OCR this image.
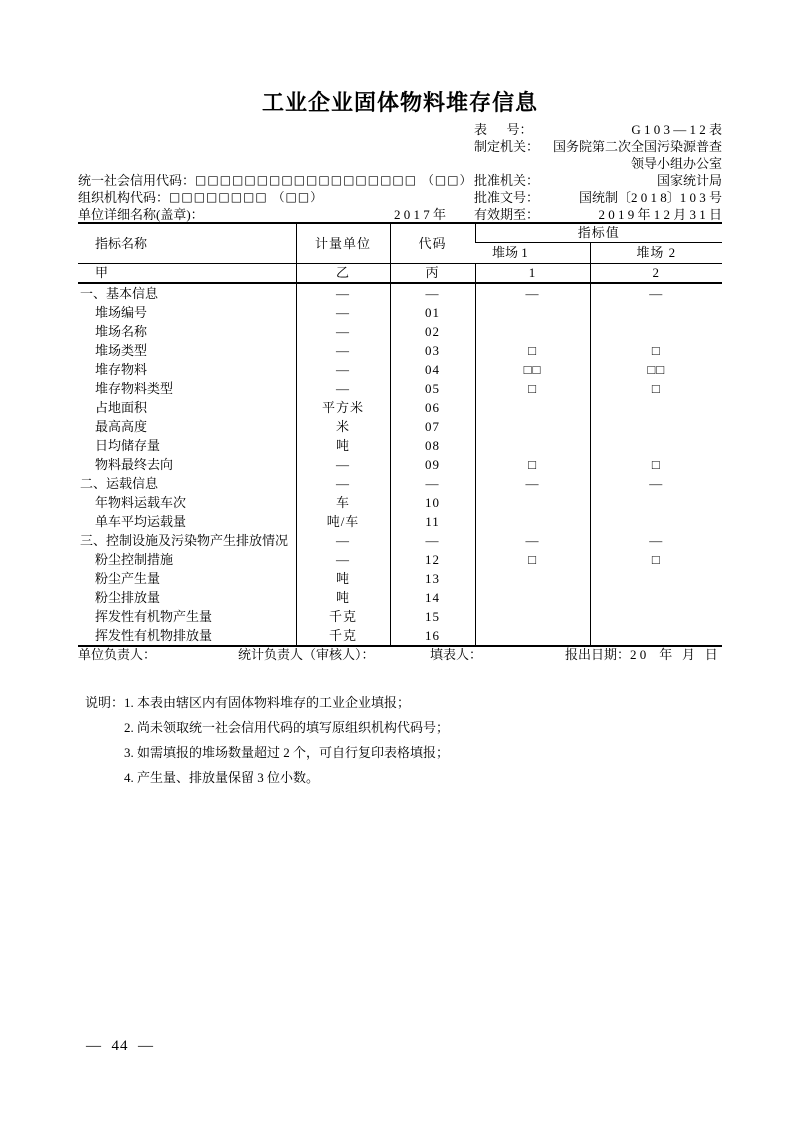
工业企业固体物料堆存信息
表      号：	G 1 0 3 — 1 2 表
制定机关：	国务院第二次全国污染源普查
领导小组办公室
统一社会信用代码： □□□□□□□□□□□□□□□□□□ （□□） 批准机关：	国家统计局
组织机构代码： □□□□□□□□ （□□）	批准文号：	国统制〔2 0 1 8〕1 0 3 号
单位详细名称(盖章)：	2 0 1 7 年	有效期至：	2 0 1 9 年 1 2 月 3 1 日
指标名称	计量单位	代码	指标值	
			堆场 1	堆场 2
甲	乙	丙	1	2
一、基本信息	—	—	—	—
堆场编号	—	01		
堆场名称	—	02		
堆场类型	—	03	□	□
堆存物料	—	04	□□	□□
堆存物料类型	—	05	□	□
占地面积	平方米	06		
最高高度	米	07		
日均储存量	吨	08		
物料最终去向	—	09	□	□
二、运载信息	—	—	—	—
年物料运载车次	车	10		
单车平均运载量	吨/车	11		
三、控制设施及污染物产生排放情况	—	—	—	—
粉尘控制措施	—	12	□	□
粉尘产生量	吨	13		
粉尘排放量	吨	14		
挥发性有机物产生量	千克	15		
挥发性有机物排放量	千克	16		
单位负责人：	统计负责人（审核人）：	填表人：	报出日期：2 0    年   月   日
说明： 1. 本表由辖区内有固体物料堆存的工业企业填报；
2. 尚未领取统一社会信用代码的填写原组织机构代码号；
3. 如需填报的堆场数量超过 2 个，可自行复印表格填报；
4. 产生量、排放量保留 3 位小数。
—  44  —
